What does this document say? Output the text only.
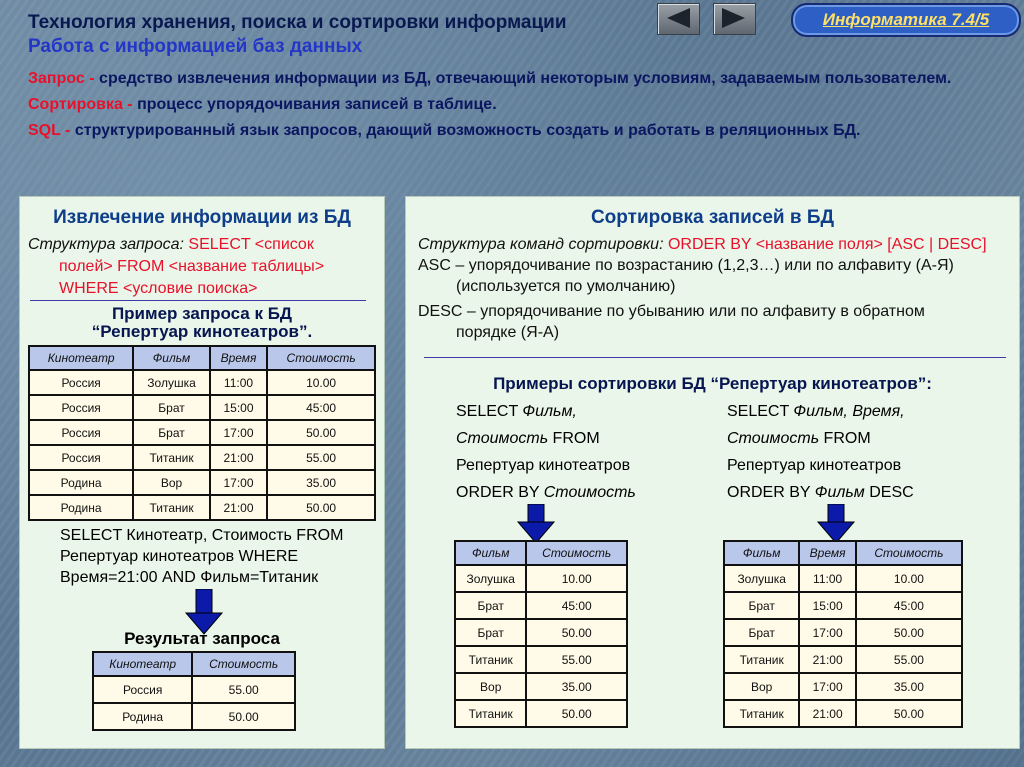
Технология хранения, поиска и сортировки информации
Работа с информацией баз данных
Информатика 7.4/5
Запрос - средство извлечения информации из БД, отвечающий некоторым условиям, задаваемым пользователем.
Сортировка - процесс упорядочивания записей в таблице.
SQL - структурированный язык запросов, дающий возможность создать и работать в реляционных БД.
Извлечение информации из БД
Структура запроса: SELECT <список
полей> FROM <название таблицы>
WHERE <условие поиска>
Пример запроса к БД
“Репертуар кинотеатров”.
Кинотеатр	Фильм	Время	Стоимость
Россия	Золушка	11:00	10.00
Россия	Брат	15:00	45:00
Россия	Брат	17:00	50.00
Россия	Титаник	21:00	55.00
Родина	Вор	17:00	35.00
Родина	Титаник	21:00	50.00
SELECT Кинотеатр, Стоимость FROM
Репертуар кинотеатров WHERE
Время=21:00 AND Фильм=Титаник
Результат запроса
Кинотеатр	Стоимость
Россия	55.00
Родина	50.00
Сортировка записей в БД
Структура команд сортировки: ORDER BY <название поля> [ASC | DESC]
ASC – упорядочивание по возрастанию (1,2,3…) или по алфавиту (А-Я)
(используется по умолчанию)
DESC – упорядочивание по убыванию или по алфавиту в обратном
порядке (Я-А)
Примеры сортировки БД “Репертуар кинотеатров”:
SELECT Фильм,
Стоимость FROM
Репертуар кинотеатров
ORDER BY Стоимость
SELECT Фильм, Время,
Стоимость FROM
Репертуар кинотеатров
ORDER BY Фильм DESC
Фильм	Стоимость
Золушка	10.00
Брат	45:00
Брат	50.00
Титаник	55.00
Вор	35.00
Титаник	50.00
Фильм	Время	Стоимость
Золушка	11:00	10.00
Брат	15:00	45:00
Брат	17:00	50.00
Титаник	21:00	55.00
Вор	17:00	35.00
Титаник	21:00	50.00
